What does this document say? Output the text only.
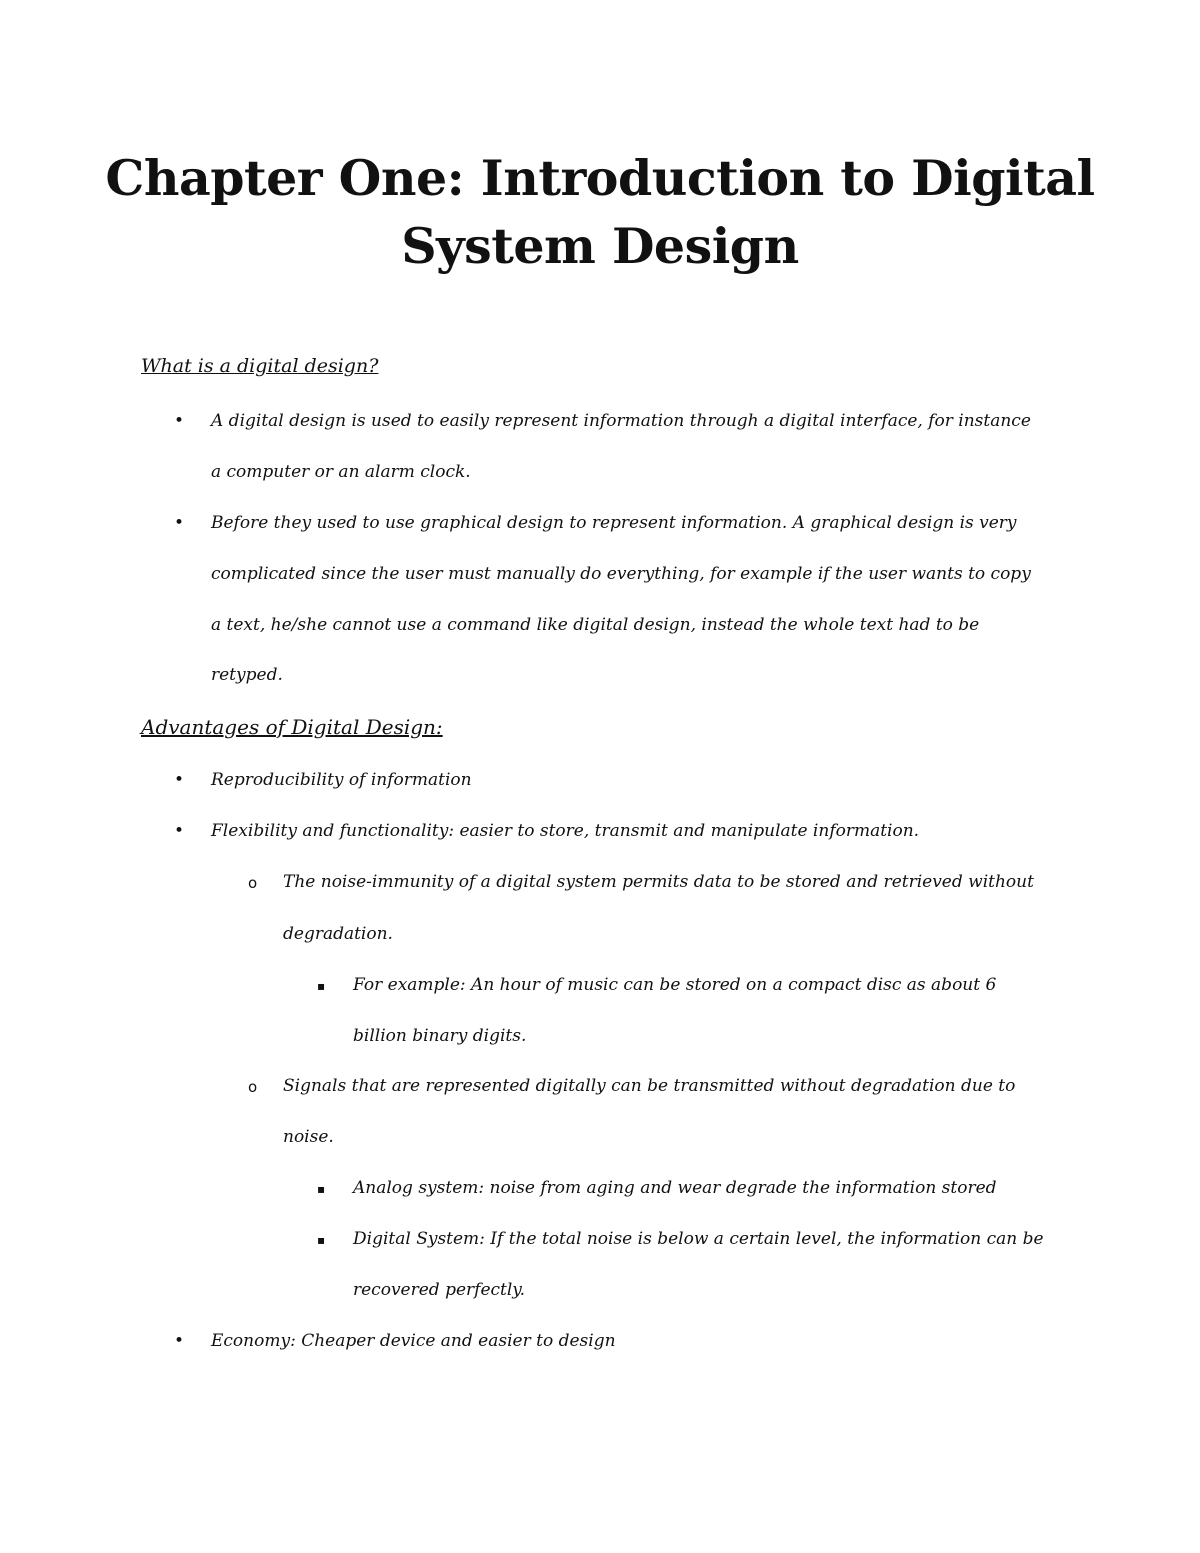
Chapter One: Introduction to Digital
System Design
What is a digital design?
• A digital design is used to easily represent information through a digital interface, for instance
a computer or an alarm clock.
• Before they used to use graphical design to represent information. A graphical design is very
complicated since the user must manually do everything, for example if the user wants to copy
a text, he/she cannot use a command like digital design, instead the whole text had to be
retyped.
Advantages of Digital Design:
• Reproducibility of information
• Flexibility and functionality: easier to store, transmit and manipulate information.
o The noise-immunity of a digital system permits data to be stored and retrieved without
degradation.
▪ For example: An hour of music can be stored on a compact disc as about 6
billion binary digits.
o Signals that are represented digitally can be transmitted without degradation due to
noise.
▪ Analog system: noise from aging and wear degrade the information stored
▪ Digital System: If the total noise is below a certain level, the information can be
recovered perfectly.
• Economy: Cheaper device and easier to design
